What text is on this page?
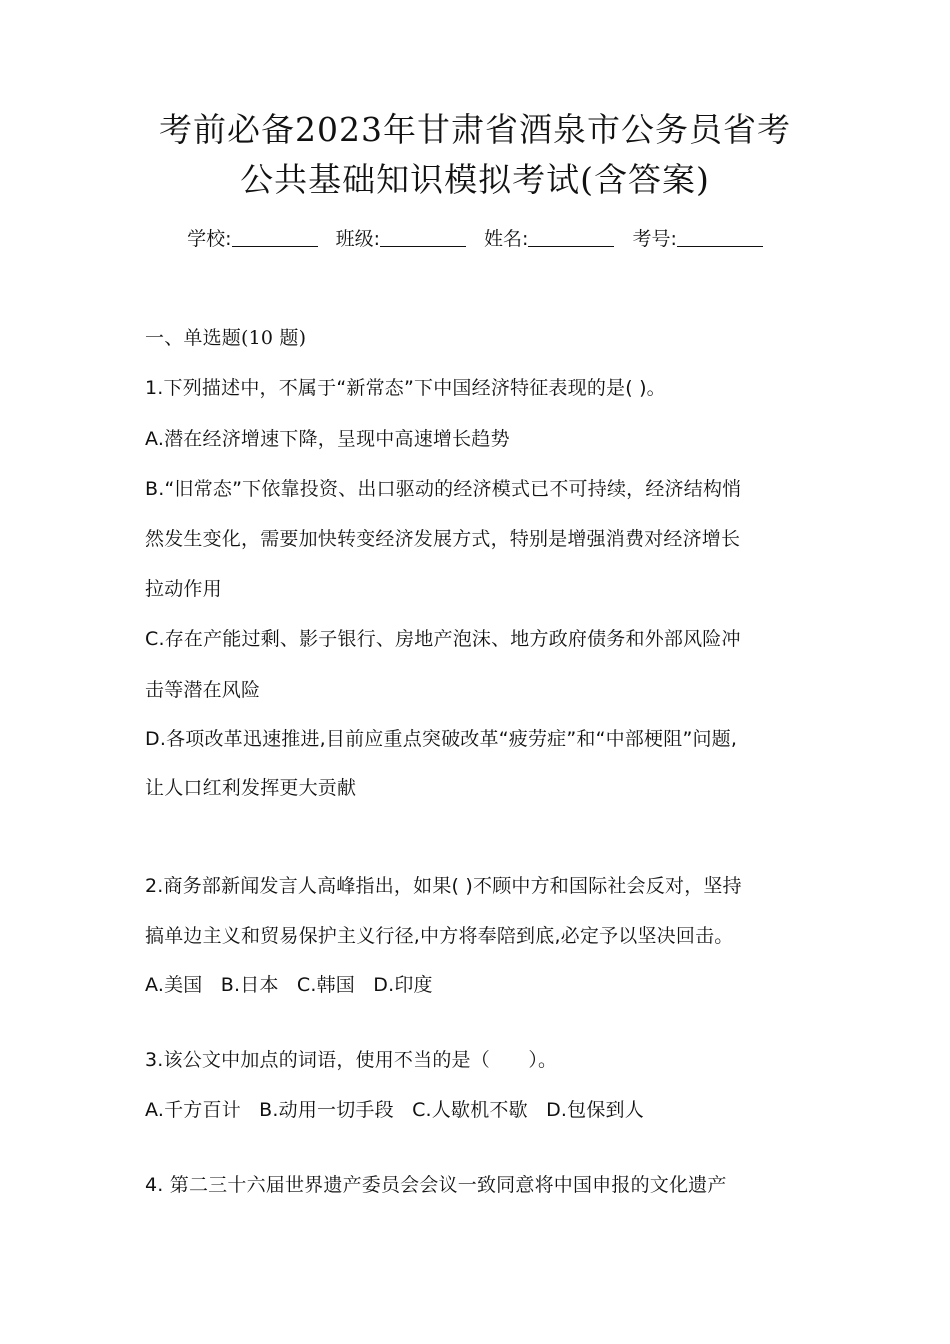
考前必备2023年甘肃省酒泉市公务员省考
公共基础知识模拟考试(含答案)
学校:	班级:	姓名:	考号:
一、单选题(10 题)
1.下列描述中，不属于“新常态”下中国经济特征表现的是( )。
A.潜在经济增速下降，呈现中高速增长趋势
B.“旧常态”下依靠投资、出口驱动的经济模式已不可持续，经济结构悄
然发生变化，需要加快转变经济发展方式，特别是增强消费对经济增长
拉动作用
C.存在产能过剩、影子银行、房地产泡沫、地方政府债务和外部风险冲
击等潜在风险
D.各项改革迅速推进,目前应重点突破改革“疲劳症”和“中部梗阻”问题,
让人口红利发挥更大贡献
2.商务部新闻发言人高峰指出，如果( )不顾中方和国际社会反对，坚持
搞单边主义和贸易保护主义行径,中方将奉陪到底,必定予以坚决回击。
A.美国 B.日本 C.韩国 D.印度
3.该公文中加点的词语，使用不当的是（　　）。
A.千方百计 B.动用一切手段 C.人歇机不歇 D.包保到人
4. 第二三十六届世界遗产委员会会议一致同意将中国申报的文化遗产
